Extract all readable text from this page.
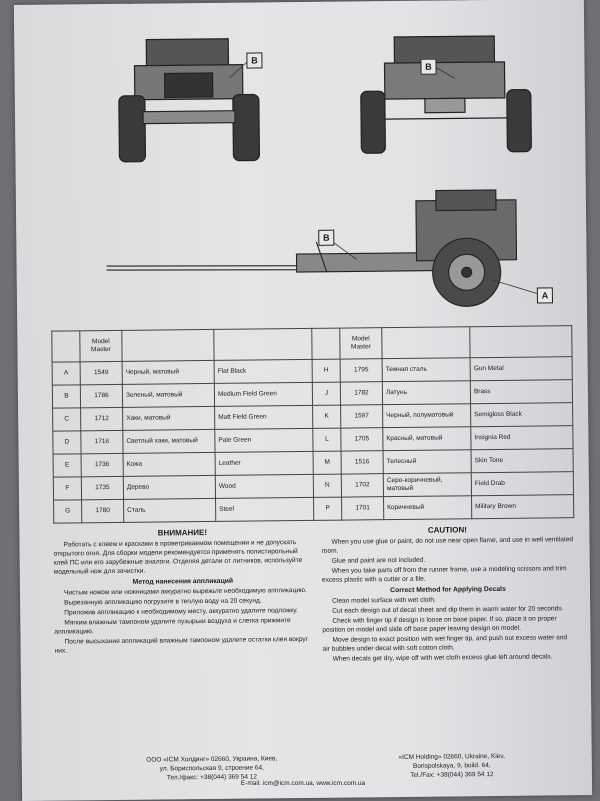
B
B
B
A
	Model Master				Model Master		
A	1549	Черный, матовый	Flat Black	H	1795	Темная сталь	Gun Metal
B	1786	Зеленый, матовый	Medium Field Green	J	1782	Латунь	Brass
C	1712	Хаки, матовый	Matt Field Green	K	1597	Черный, полуматовый	Semigloss Black
D	1716	Светлый хаки, матовый	Pale Green	L	1705	Красный, матовый	Insignia Red
E	1736	Кожа	Leather	M	1516	Телесный	Skin Tone
F	1735	Дерево	Wood	N	1702	Серо-коричневый, матовый	Field Drab
G	1780	Сталь	Steel	P	1701	Коричневый	Military Brown
ВНИМАНИЕ!

Работать с клеем и красками в проветриваемом помещении и не допускать открытого огня. Для сборки модели рекомендуется применять полистирольный клей ПС или его зарубежные аналоги. Отделяя детали от литников, используйте модельный нож для зачистки.

Метод нанесения аппликаций

Чистым ножом или ножницами аккуратно вырежьте необходимую аппликацию.

Вырезанную аппликацию погрузите в теплую воду на 20 секунд.

Приложив аппликацию к необходимому месту, аккуратно удалите подложку.

Мягким влажным тампоном удалите пузырьки воздуха и слегка прижмите аппликацию.

После высыхания аппликаций влажным тампоном удалите остатки клея вокруг них.

CAUTION!

When you use glue or paint, do not use near open flame, and use in well ventilated room.

Glue and paint are not included.

When you take parts off from the runner frame, use a modeling scissors and trim excess plastic with a cutter or a file.

Correct Method for Applying Decals

Clean model surface with wet cloth.

Cut each design out of decal sheet and dip them in warm water for 20 seconds.

Check with finger tip if design is loose on base paper. If so, place it on proper position on model and slide off base paper leaving design on model.

Move design to exact position with wet finger tip, and push out excess water and air bubbles under decal with soft cotton cloth.

When decals get dry, wipe off with wet cloth excess glue left around decals.

ООО «ICM Холдинг» 02660, Украина, Киев,
ул. Бориспольская 9, строение 64,
Тел./факс: +38(044) 369 54 12
«ICM Holding» 02660, Ukraine, Kiev,
Borispolskaya, 9, build. 64,
Tel./Fax: +38(044) 369 54 12
E-mail: icm@icm.com.ua, www.icm.com.ua
